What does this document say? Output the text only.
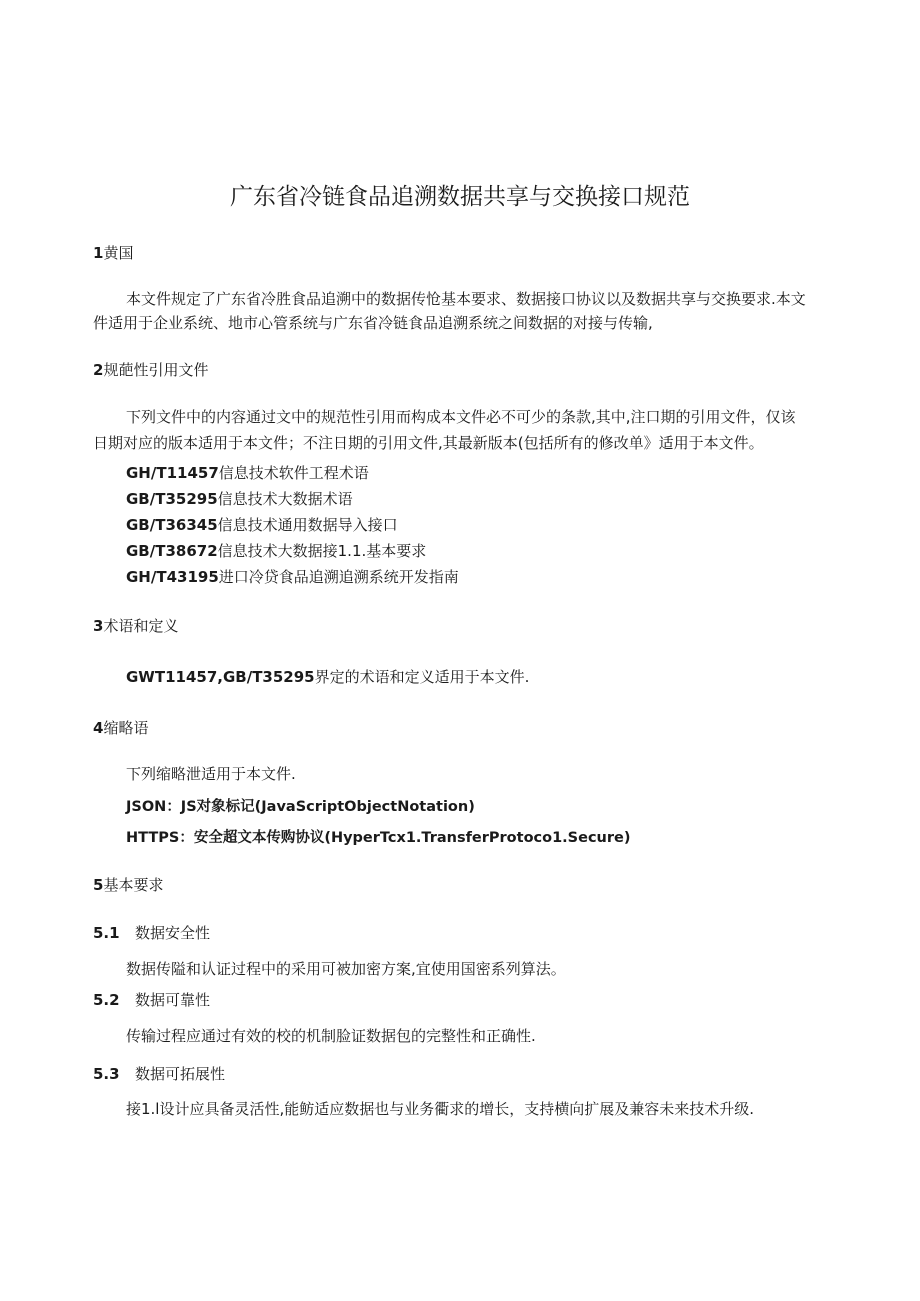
广东省冷链食品追溯数据共享与交换接口规范
1黄国
本文件规定了广东省冷胜食品追溯中的数据传怆基本要求、数据接口协议以及数据共享与交换要求.本文
件适用于企业系统、地市心管系统与广东省冷链食品追溯系统之间数据的对接与传输,
2规葩性引用文件
下列文件中的内容通过文中的规范性引用而构成本文件必不可少的条款,其中,注口期的引用文件，仅该
日期对应的版本适用于本文件；不注日期的引用文件,其最新版本(包括所有的修改单》适用于本文件。
GH/T11457信息技术软件工程术语
GB/T35295信息技术大数据术语
GB/T36345信息技术通用数据导入接口
GB/T38672信息技术大数据接1.1.基本要求
GH/T43195进口冷贷食品追溯追溯系统开发指南
3术语和定义
GWT11457,GB/T35295界定的术语和定义适用于本文件.
4缩略语
下列缩略泄适用于本文件.
JSON：JS对象标记(JavaScriptObjectNotation)
HTTPS：安全超文本传购协议(HyperTcx1.TransferProtoco1.Secure)
5基本要求
5.1 数据安全性
数据传隘和认证过程中的采用可被加密方案,宜使用国密系列算法。
5.2 数据可靠性
传输过程应通过有效的校的机制脸证数据包的完整性和正确性.
5.3 数据可拓展性
接1.l设计应具备灵活性,能鲂适应数据也与业务衢求的增长，支持横向扩展及兼容未来技术升级.
